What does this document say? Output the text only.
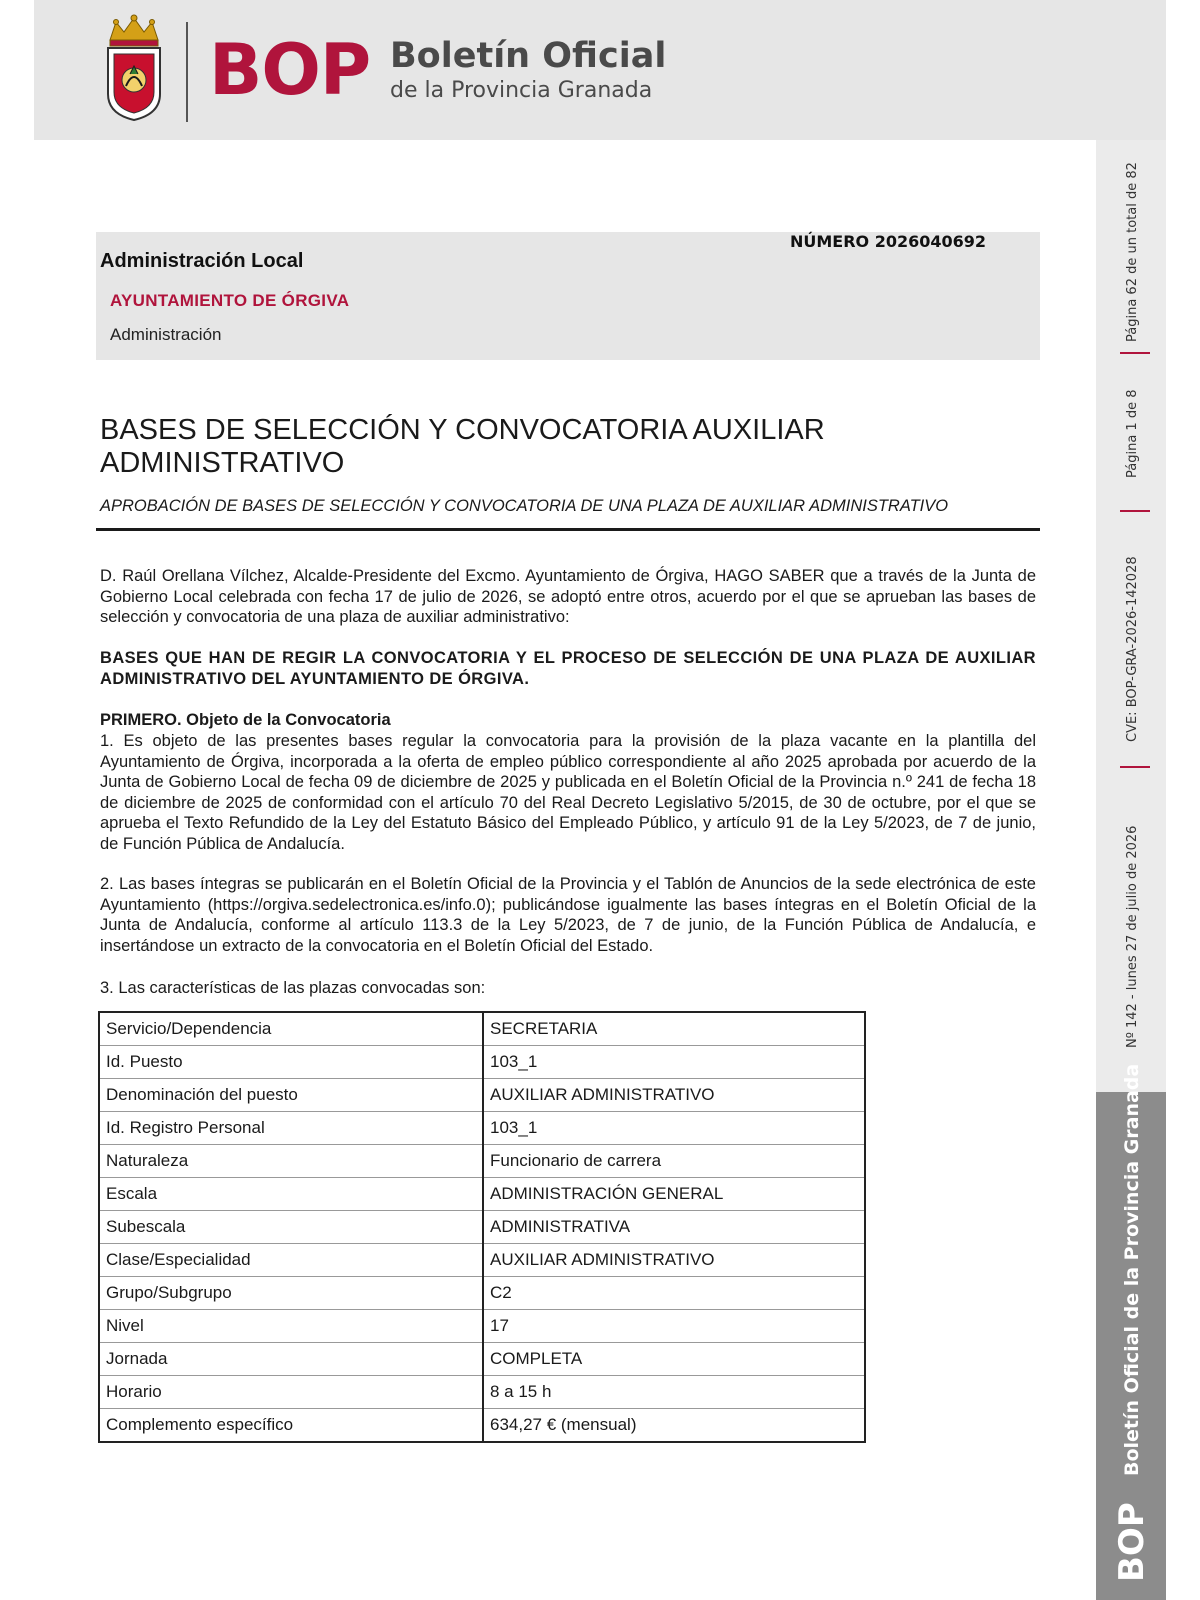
BOP Boletín Oficial
de la Provincia Granada
Página 62 de un total de 82
Página 1 de 8
CVE: BOP-GRA-2026-142028
Nº 142 - lunes 27 de julio de 2026
Boletín Oficial de la Provincia Granada
BOP
Administración Local
NÚMERO 2026040692
AYUNTAMIENTO DE ÓRGIVA
Administración
BASES DE SELECCIÓN Y CONVOCATORIA AUXILIAR ADMINISTRATIVO
APROBACIÓN DE BASES DE SELECCIÓN Y CONVOCATORIA DE UNA PLAZA DE AUXILIAR ADMINISTRATIVO
D. Raúl Orellana Vílchez, Alcalde-Presidente del Excmo. Ayuntamiento de Órgiva, HAGO SABER que a través de la Junta de Gobierno Local celebrada con fecha 17 de julio de 2026, se adoptó entre otros, acuerdo por el que se aprueban las bases de selección y convocatoria de una plaza de auxiliar administrativo:
BASES QUE HAN DE REGIR LA CONVOCATORIA Y EL PROCESO DE SELECCIÓN DE UNA PLAZA DE AUXILIAR ADMINISTRATIVO DEL AYUNTAMIENTO DE ÓRGIVA.
PRIMERO. Objeto de la Convocatoria
1. Es objeto de las presentes bases regular la convocatoria para la provisión de la plaza vacante en la plantilla del Ayuntamiento de Órgiva, incorporada a la oferta de empleo público correspondiente al año 2025 aprobada por acuerdo de la Junta de Gobierno Local de fecha 09 de diciembre de 2025 y publicada en el Boletín Oficial de la Provincia n.º 241 de fecha 18 de diciembre de 2025 de conformidad con el artículo 70 del Real Decreto Legislativo 5/2015, de 30 de octubre, por el que se aprueba el Texto Refundido de la Ley del Estatuto Básico del Empleado Público, y artículo 91 de la Ley 5/2023, de 7 de junio, de Función Pública de Andalucía.
2. Las bases íntegras se publicarán en el Boletín Oficial de la Provincia y el Tablón de Anuncios de la sede electrónica de este Ayuntamiento (https://orgiva.sedelectronica.es/info.0); publicándose igualmente las bases íntegras en el Boletín Oficial de la Junta de Andalucía, conforme al artículo 113.3 de la Ley 5/2023, de 7 de junio, de la Función Pública de Andalucía, e insertándose un extracto de la convocatoria en el Boletín Oficial del Estado.
3. Las características de las plazas convocadas son:
Servicio/Dependencia	SECRETARIA
Id. Puesto	103_1
Denominación del puesto	AUXILIAR ADMINISTRATIVO
Id. Registro Personal	103_1
Naturaleza	Funcionario de carrera
Escala	ADMINISTRACIÓN GENERAL
Subescala	ADMINISTRATIVA
Clase/Especialidad	AUXILIAR ADMINISTRATIVO
Grupo/Subgrupo	C2
Nivel	17
Jornada	COMPLETA
Horario	8 a 15 h
Complemento específico	634,27 € (mensual)
